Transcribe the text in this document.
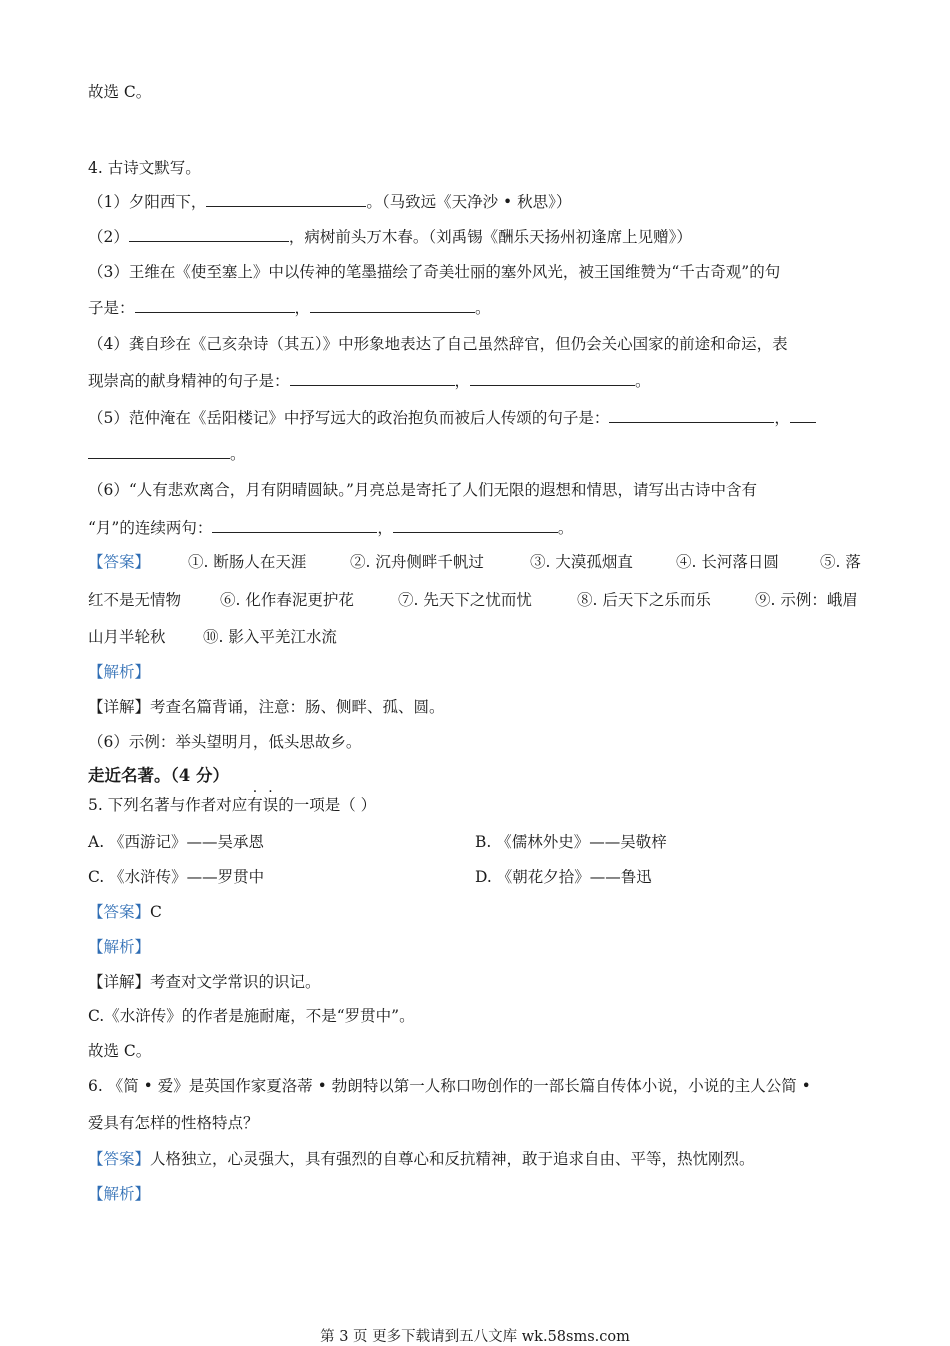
故选 C。
4. 古诗文默写。
（1）夕阳西下，	。（马致远《天净沙 • 秋思》）
（2）	，病树前头万木春。（刘禹锡《酬乐天扬州初逢席上见赠》）
（3）王维在《使至塞上》中以传神的笔墨描绘了奇美壮丽的塞外风光，被王国维赞为“千古奇观”的句
子是：	，	。
（4）龚自珍在《己亥杂诗（其五）》中形象地表达了自己虽然辞官，但仍会关心国家的前途和命运，表
现崇高的献身精神的句子是：	，	。
（5）范仲淹在《岳阳楼记》中抒写远大的政治抱负而被后人传颂的句子是：	，
。
（6）“人有悲欢离合，月有阴晴圆缺。”月亮总是寄托了人们无限的遐想和情思，请写出古诗中含有
“月”的连续两句：	，	。
【答案】 ①. 断肠人在天涯	②. 沉舟侧畔千帆过	③. 大漠孤烟直	④. 长河落日圆	⑤. 落
红不是无情物	⑥. 化作春泥更护花	⑦. 先天下之忧而忧	⑧. 后天下之乐而乐	⑨. 示例：峨眉
山月半轮秋 ⑩. 影入平羌江水流
【解析】
【详解】考查名篇背诵，注意：肠、侧畔、孤、圆。
（6）示例：举头望明月，低头思故乡。
走近名著。（4 分）
5. 下列名著与作者对应有误的一项是（ ）
A. 《西游记》——吴承恩	B. 《儒林外史》——吴敬梓
C. 《水浒传》——罗贯中	D. 《朝花夕拾》——鲁迅
【答案】C
【解析】
【详解】考查对文学常识的识记。
C.《水浒传》的作者是施耐庵，不是“罗贯中”。
故选 C。
6. 《简 • 爱》是英国作家夏洛蒂 • 勃朗特以第一人称口吻创作的一部长篇自传体小说，小说的主人公简 •
爱具有怎样的性格特点？
【答案】人格独立，心灵强大，具有强烈的自尊心和反抗精神，敢于追求自由、平等，热忱刚烈。
【解析】
第 3 页 更多下载请到五八文库 wk.58sms.com
